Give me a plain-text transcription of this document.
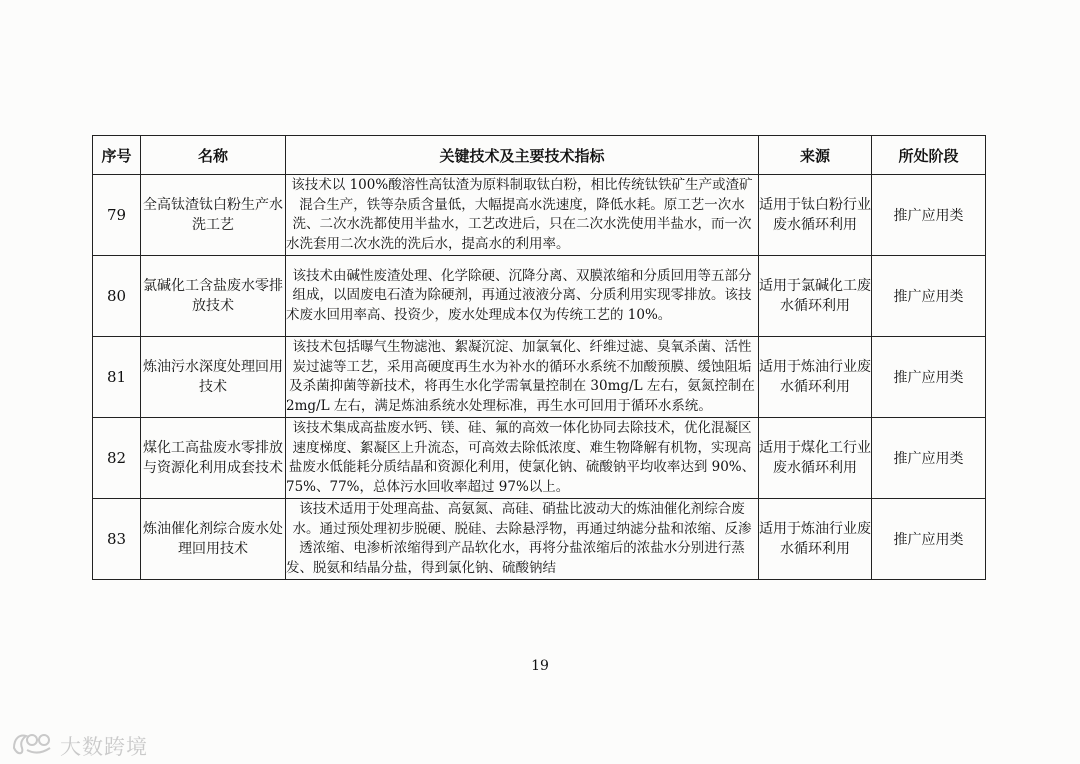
序号	名称	关键技术及主要技术指标	来源	所处阶段
79	全高钛渣钛白粉生产水洗工艺	该技术以 100%酸溶性高钛渣为原料制取钛白粉，相比传统钛铁矿生产或渣矿混合生产，铁等杂质含量低，大幅提高水洗速度，降低水耗。原工艺一次水洗、二次水洗都使用半盐水，工艺改进后，只在二次水洗使用半盐水，而一次水洗套用二次水洗的洗后水，提高水的利用率。	适用于钛白粉行业废水循环利用	推广应用类
80	氯碱化工含盐废水零排放技术	该技术由碱性废渣处理、化学除硬、沉降分离、双膜浓缩和分质回用等五部分组成，以固废电石渣为除硬剂，再通过液液分离、分质利用实现零排放。该技术废水回用率高、投资少，废水处理成本仅为传统工艺的 10%。	适用于氯碱化工废水循环利用	推广应用类
81	炼油污水深度处理回用技术	该技术包括曝气生物滤池、絮凝沉淀、加氯氧化、纤维过滤、臭氧杀菌、活性炭过滤等工艺，采用高硬度再生水为补水的循环水系统不加酸预膜、缓蚀阻垢及杀菌抑菌等新技术，将再生水化学需氧量控制在 30mg/L 左右，氨氮控制在 2mg/L 左右，满足炼油系统水处理标准，再生水可回用于循环水系统。	适用于炼油行业废水循环利用	推广应用类
82	煤化工高盐废水零排放与资源化利用成套技术	该技术集成高盐废水钙、镁、硅、氟的高效一体化协同去除技术，优化混凝区速度梯度、絮凝区上升流态，可高效去除低浓度、难生物降解有机物，实现高盐废水低能耗分质结晶和资源化利用，使氯化钠、硫酸钠平均收率达到 90%、75%、77%，总体污水回收率超过 97%以上。	适用于煤化工行业废水循环利用	推广应用类
83	炼油催化剂综合废水处理回用技术	该技术适用于处理高盐、高氨氮、高硅、硝盐比波动大的炼油催化剂综合废水。通过预处理初步脱硬、脱硅、去除悬浮物，再通过纳滤分盐和浓缩、反渗透浓缩、电渗析浓缩得到产品软化水，再将分盐浓缩后的浓盐水分别进行蒸发、脱氨和结晶分盐，得到氯化钠、硫酸钠结	适用于炼油行业废水循环利用	推广应用类
19
大数跨境
